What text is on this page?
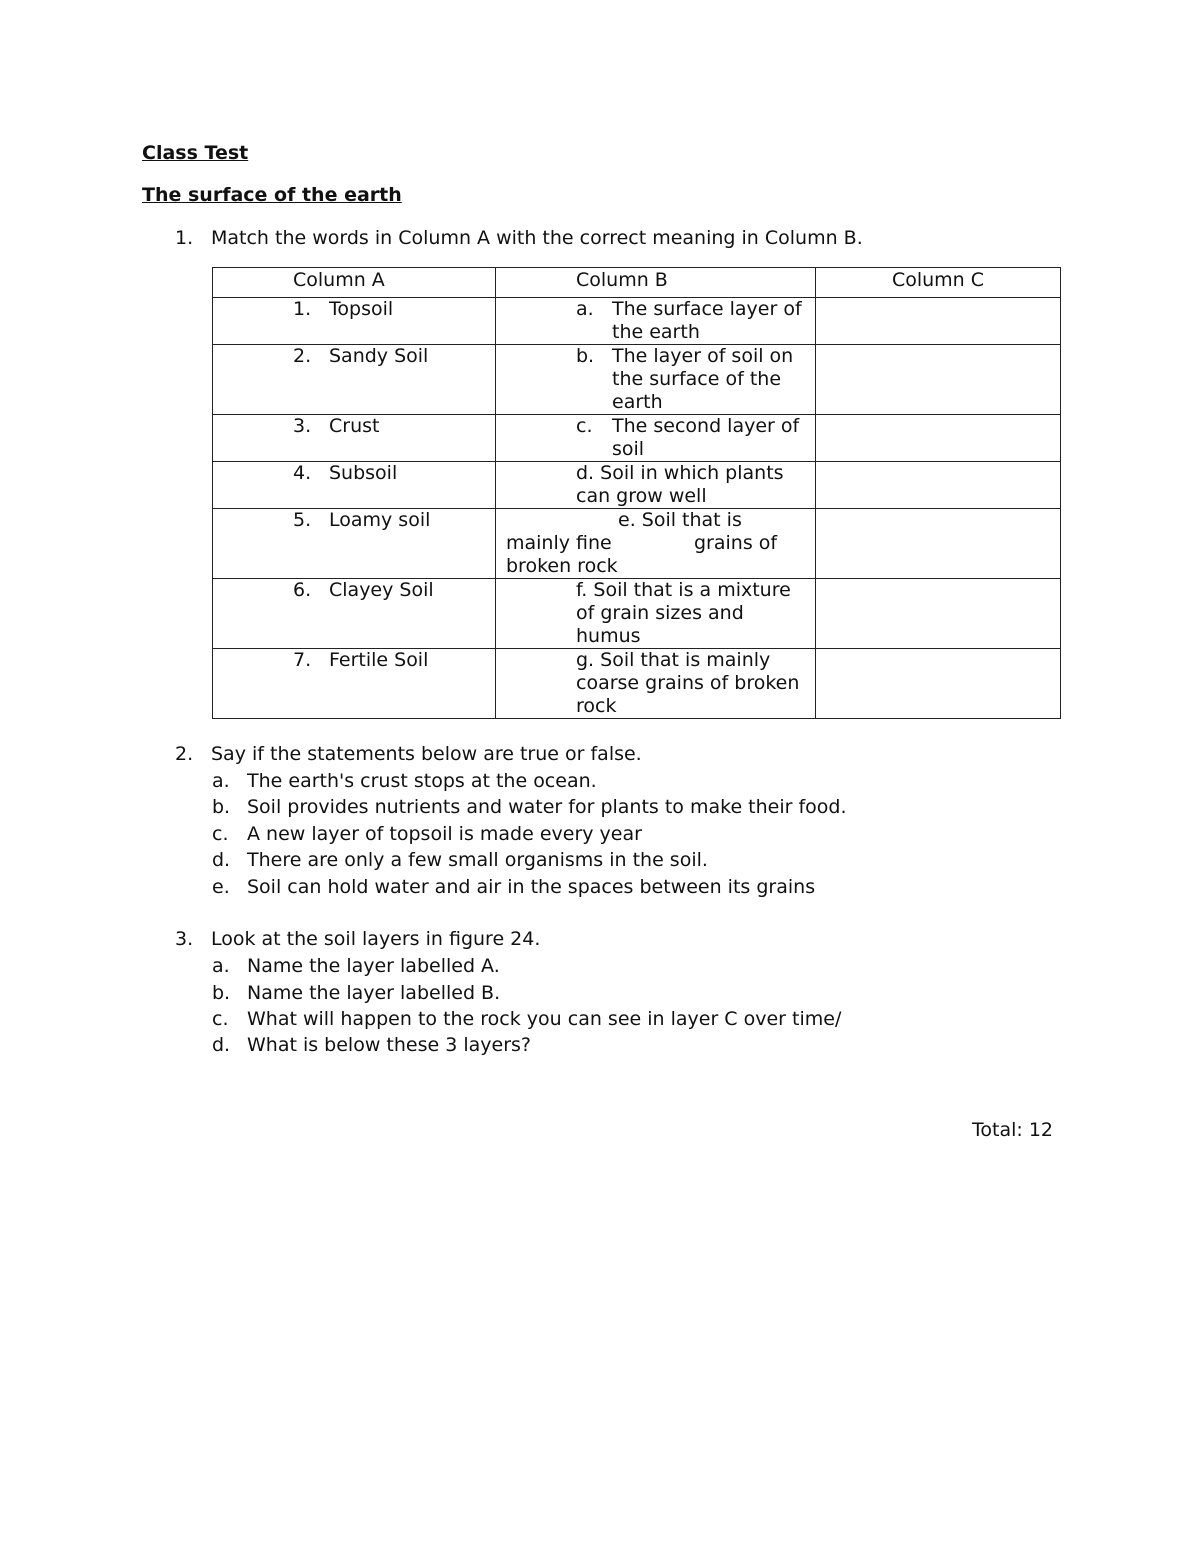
Class Test
The surface of the earth
1. Match the words in Column A with the correct meaning in Column B.
Column A	Column B	Column C
1. Topsoil	a. The surface layer of the earth	

2. Sandy Soil	b. The layer of soil on the surface of the earth	

3. Crust	c. The second layer of soil	

4. Subsoil	d. Soil in which plants can grow well	
5. Loamy soil	e. Soil that is
mainly fine grains of
broken rock	

6. Clayey Soil	f. Soil that is a mixture of grain sizes and humus	
7. Fertile Soil	g. Soil that is mainly coarse grains of broken rock	
2. Say if the statements below are true or false.
a. The earth's crust stops at the ocean.
b. Soil provides nutrients and water for plants to make their food.
c. A new layer of topsoil is made every year
d. There are only a few small organisms in the soil.
e. Soil can hold water and air in the spaces between its grains
3. Look at the soil layers in figure 24.
a. Name the layer labelled A.
b. Name the layer labelled B.
c. What will happen to the rock you can see in layer C over time/
d. What is below these 3 layers?
Total: 12
